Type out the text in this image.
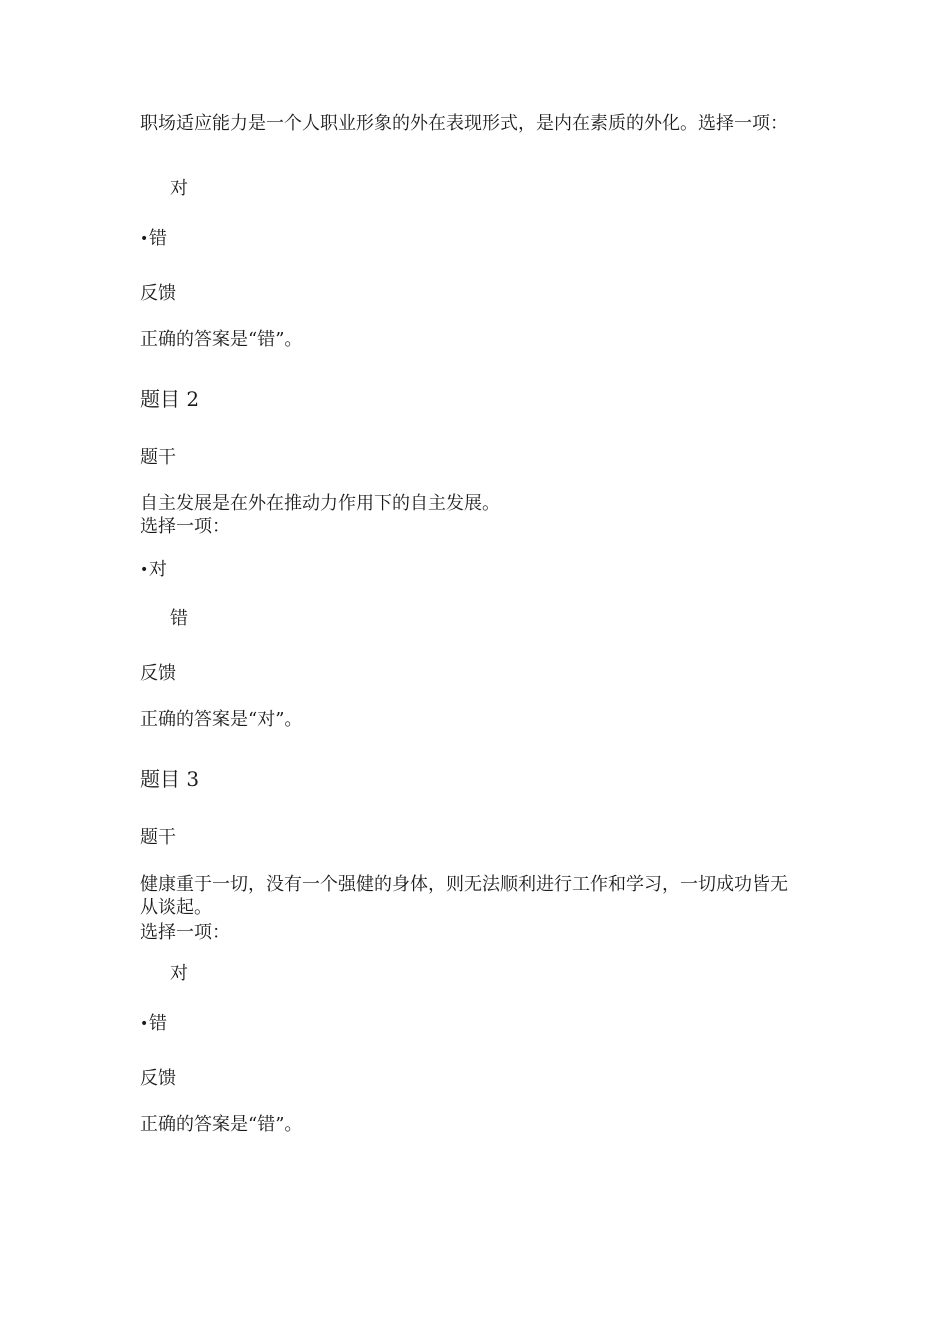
职场适应能力是一个人职业形象的外在表现形式，是内在素质的外化。选择一项：
对
•错
反馈
正确的答案是“错”。
题目 2
题干
自主发展是在外在推动力作用下的自主发展。
选择一项：
•对
错
反馈
正确的答案是“对”。
题目 3
题干
健康重于一切，没有一个强健的身体，则无法顺利进行工作和学习，一切成功皆无从谈起。
选择一项：
对
•错
反馈
正确的答案是“错”。
